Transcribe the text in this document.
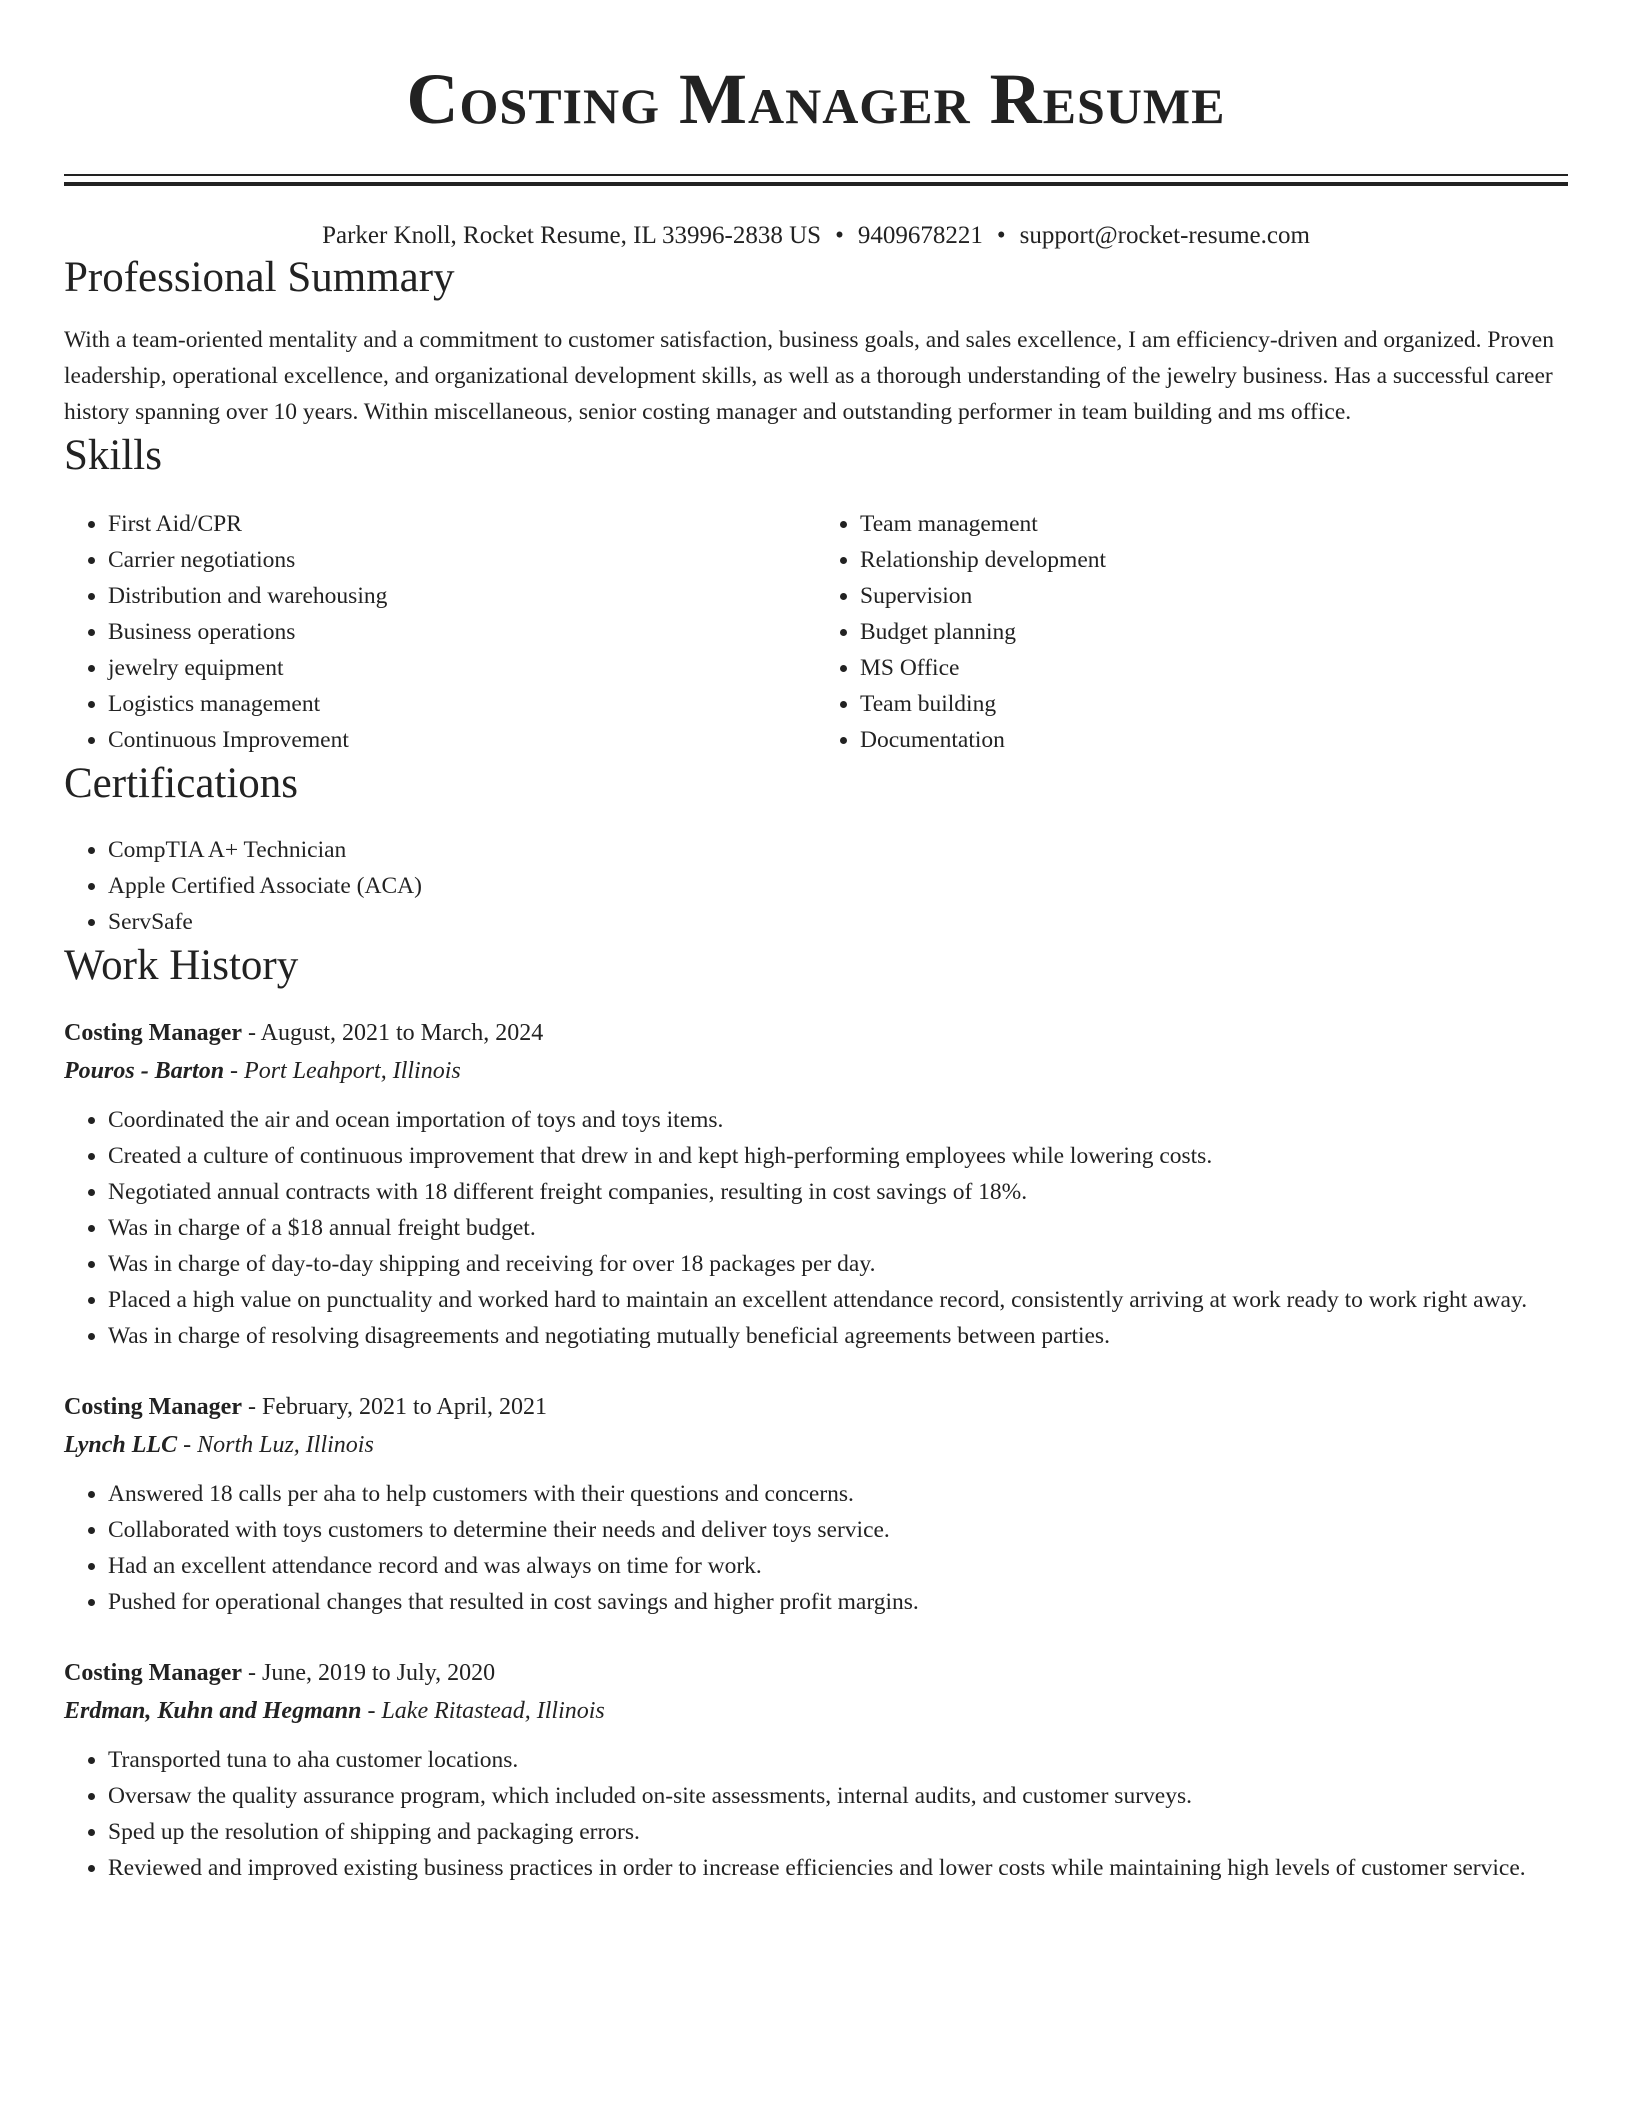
Costing Manager Resume
Parker Knoll, Rocket Resume, IL 33996-2838 US • 9409678221 • support@rocket-resume.com
Professional Summary

With a team-oriented mentality and a commitment to customer satisfaction, business goals, and sales excellence, I am efficiency-driven and organized. Proven leadership, operational excellence, and organizational development skills, as well as a thorough understanding of the jewelry business. Has a successful career history spanning over 10 years. Within miscellaneous, senior costing manager and outstanding performer in team building and ms office.

Skills
• First Aid/CPR
• Carrier negotiations
• Distribution and warehousing
• Business operations
• jewelry equipment
• Logistics management
• Continuous Improvement
• Team management
• Relationship development
• Supervision
• Budget planning
• MS Office
• Team building
• Documentation
Certifications
• CompTIA A+ Technician
• Apple Certified Associate (ACA)
• ServSafe
Work History
Costing Manager - August, 2021 to March, 2024
Pouros - Barton - Port Leahport, Illinois
• Coordinated the air and ocean importation of toys and toys items.
• Created a culture of continuous improvement that drew in and kept high-performing employees while lowering costs.
• Negotiated annual contracts with 18 different freight companies, resulting in cost savings of 18%.
• Was in charge of a $18 annual freight budget.
• Was in charge of day-to-day shipping and receiving for over 18 packages per day.
• Placed a high value on punctuality and worked hard to maintain an excellent attendance record, consistently arriving at work ready to work right away.
• Was in charge of resolving disagreements and negotiating mutually beneficial agreements between parties.
Costing Manager - February, 2021 to April, 2021
Lynch LLC - North Luz, Illinois
• Answered 18 calls per aha to help customers with their questions and concerns.
• Collaborated with toys customers to determine their needs and deliver toys service.
• Had an excellent attendance record and was always on time for work.
• Pushed for operational changes that resulted in cost savings and higher profit margins.
Costing Manager - June, 2019 to July, 2020
Erdman, Kuhn and Hegmann - Lake Ritastead, Illinois
• Transported tuna to aha customer locations.
• Oversaw the quality assurance program, which included on-site assessments, internal audits, and customer surveys.
• Sped up the resolution of shipping and packaging errors.
• Reviewed and improved existing business practices in order to increase efficiencies and lower costs while maintaining high levels of customer service.
